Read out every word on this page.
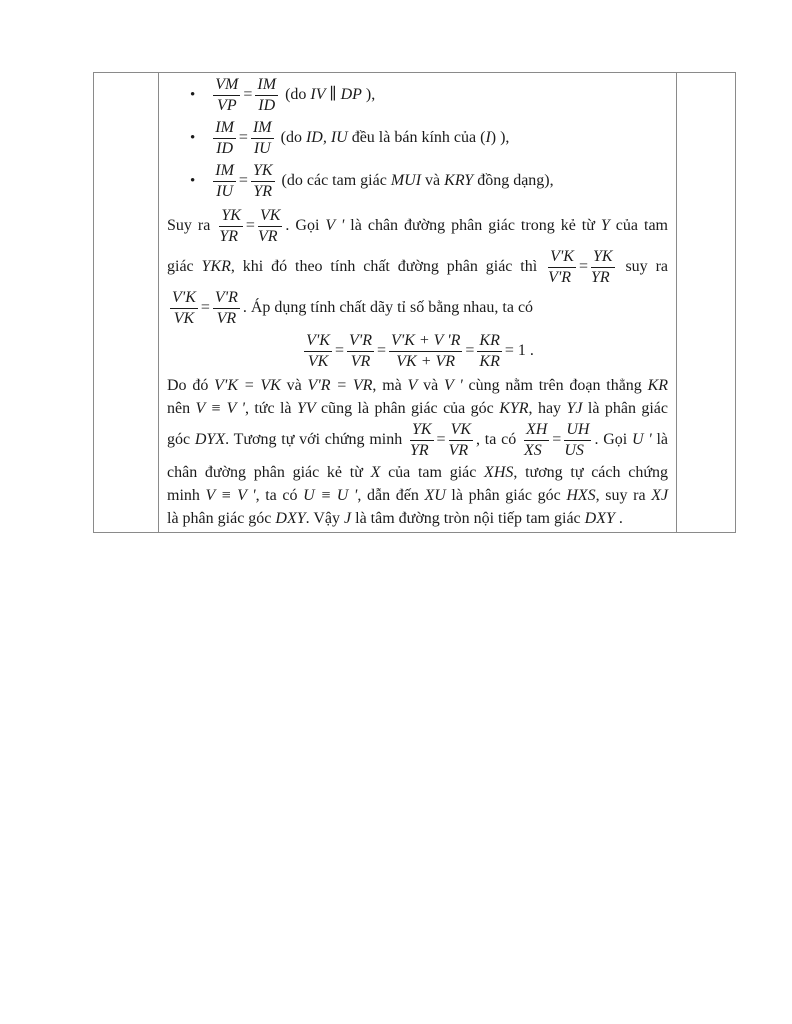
• $\frac{VM}{VP} = \frac{IM}{ID} (do$ IV ∥ DP ),
• $\frac{IM}{ID} = \frac{IM}{IU} (do$ ID, IU đều là bán kính của (I) ),
• $\frac{IM}{IU} = \frac{YK}{YR} (do$ các tam giác MUI và KRY đồng dạng),
Suy ra $\frac{YK}{YR} = \frac{VK}{VR}$ . Gọi V ' là chân đường phân giác trong kẻ từ Y của tam
giác YKR, khi đó theo tính chất đường phân giác thì $\frac{V'K}{V'R} = \frac{YK}{YR}$ suy ra
$\frac{V'K}{VK} = \frac{V'R}{VR}$ . Áp dụng tính chất dãy tỉ số bằng nhau, ta có
$\frac{V'K}{VK} = \frac{V'R}{VR} = \frac{V'K + V 'R}{VK + VR} = \frac{KR}{KR} = 1$ .
Do đó V'K = VK và V'R = VR, mà V và V ' cùng nằm trên đoạn thẳng KR
nên V ≡ V ', tức là YV cũng là phân giác của góc KYR, hay YJ là phân giác
góc DYX. Tương tự với chứng minh $\frac{YK}{YR} = \frac{VK}{VR}$ , ta có $\frac{XH}{XS} = \frac{UH}{US}$ . Gọi U ' là
chân đường phân giác kẻ từ X của tam giác XHS, tương tự cách chứng
minh V ≡ V ', ta có U ≡ U ', dẫn đến XU là phân giác góc HXS, suy ra XJ
là phân giác góc DXY. Vậy J là tâm đường tròn nội tiếp tam giác DXY .
